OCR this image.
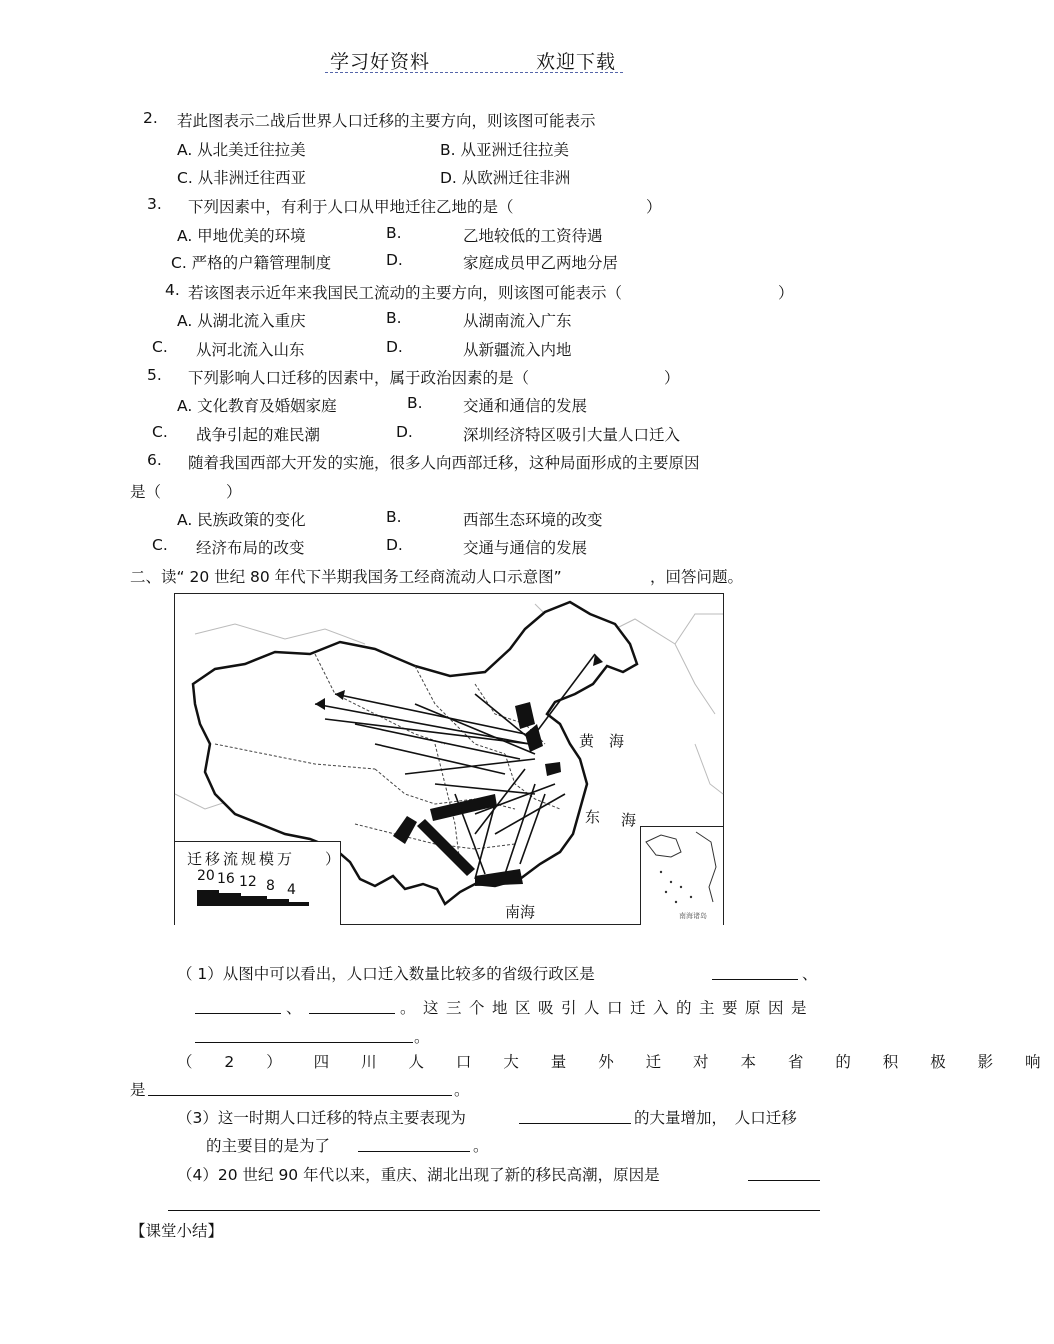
学习好资料	欢迎下载
2. 若此图表示二战后世界人口迁移的主要方向，则该图可能表示
A. 从北美迁往拉美	B. 从亚洲迁往拉美
C. 从非洲迁往西亚	D. 从欧洲迁往非洲
3. 下列因素中，有利于人口从甲地迁往乙地的是（	）
A. 甲地优美的环境	B.	乙地较低的工资待遇
C. 严格的户籍管理制度	D.	家庭成员甲乙两地分居
4. 若该图表示近年来我国民工流动的主要方向，则该图可能表示（	）
A. 从湖北流入重庆	B.	从湖南流入广东
C. 从河北流入山东	D.	从新疆流入内地
5. 下列影响人口迁移的因素中，属于政治因素的是（	）
A. 文化教育及婚姻家庭	B.	交通和通信的发展
C. 战争引起的难民潮	D.	深圳经济特区吸引大量人口迁入
6. 随着我国西部大开发的实施，很多人向西部迁移，这种局面形成的主要原因
是（	）
A. 民族政策的变化	B.	西部生态环境的改变
C. 经济布局的改变	D.	交通与通信的发展
二、读“ 20 世纪 80 年代下半期我国务工经商流动人口示意图”	，回答问题。
黄　海
东 海
南海
迁移流规模万 ）
20 16 12 8 4
南海诸岛
（ 1）从图中可以看出，人口迁入数量比较多的省级行政区是	、
、	。这三个地区吸引人口迁入的主要原因是
。
（ 2 ） 四 川 人 口 大 量 外 迁 对 本 省 的 积 极 影 响
是	。
（3）这一时期人口迁移的特点主要表现为	的大量增加，　人口迁移
的主要目的是为了	。
（4）20 世纪 90 年代以来，重庆、湖北出现了新的移民高潮，原因是
【课堂小结】
